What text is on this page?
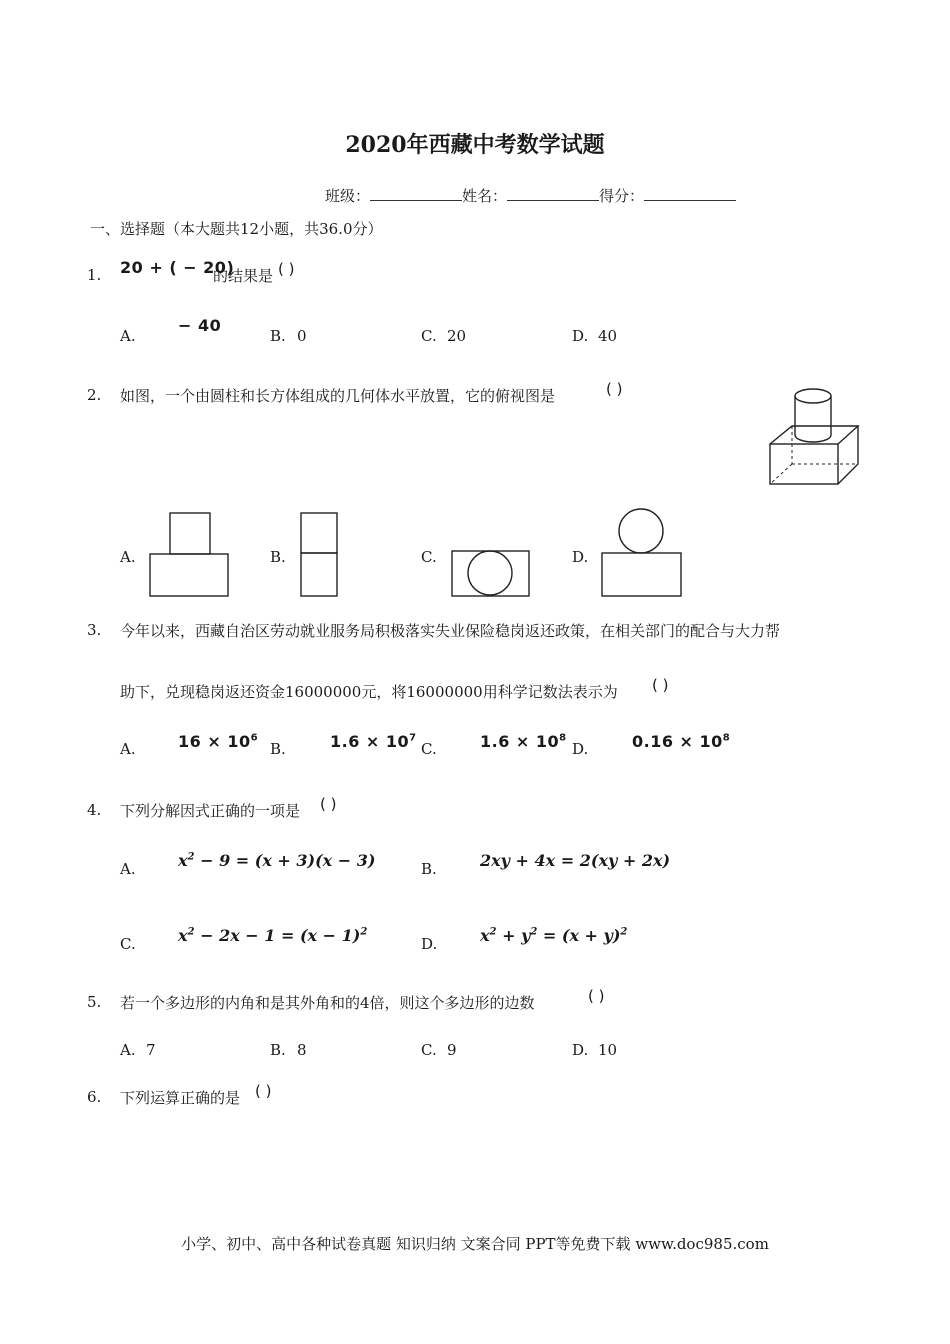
2020年西藏中考数学试题
班级：	姓名：	得分：
一、选择题（本大题共12小题，共36.0分）
1. 20 + ( − 20)
的结果是 ( )
A.
− 40
B. 0	C. 20	D. 40
2. 如图，一个由圆柱和长方体组成的几何体水平放置，它的俯视图是	( )
A.	B.	C.	D.
3. 今年以来，西藏自治区劳动就业服务局积极落实失业保险稳岗返还政策，在相关部门的配合与大力帮
助下，兑现稳岗返还资金16000000元，将16000000用科学记数法表示为 ( )
A.	$16 \times 10^6$
B.	$1.6 \times 10^7$
C.	$1.6 \times 10^8$
D.	$0.16 \times 10^8$
4. 下列分解因式正确的一项是 ( )
A.	$x^2 - 9 = (x + 3)(x - 3)$	B.	2xy + 4x = 2(xy + 2x)
C.	$x^2 - 2x - 1 = (x - 1)^2$
D.	$x^2 + y^2 = (x + y)^2$
5. 若一个多边形的内角和是其外角和的4倍，则这个多边形的边数	( )
A. 7	B. 8	C. 9	D. 10
6. 下列运算正确的是 ( )
小学、初中、高中各种试卷真题 知识归纳 文案合同 PPT等免费下载 www.doc985.com
